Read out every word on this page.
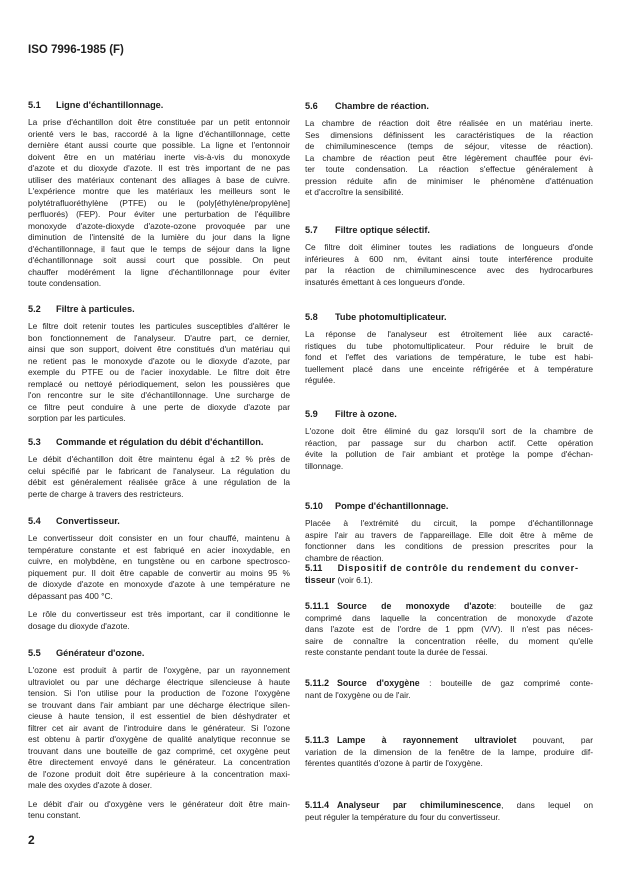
ISO 7996-1985 (F)
5.1 Ligne d'échantillonnage.
La prise d'échantillon doit être constituée par un petit entonnoir
orienté vers le bas, raccordé à la ligne d'échantillonnage, cette
dernière étant aussi courte que possible. La ligne et l'entonnoir
doivent être en un matériau inerte vis-à-vis du monoxyde
d'azote et du dioxyde d'azote. Il est très important de ne pas
utiliser des matériaux contenant des alliages à base de cuivre.
L'expérience montre que les matériaux les meilleurs sont le
polytétrafluoréthylène (PTFE) ou le (poly[éthylène/propylène]
perfluorés) (FEP). Pour éviter une perturbation de l'équilibre
monoxyde d'azote-dioxyde d'azote-ozone provoquée par une
diminution de l'intensité de la lumière du jour dans la ligne
d'échantillonnage, il faut que le temps de séjour dans la ligne
d'échantillonnage soit aussi court que possible. On peut
chauffer modérément la ligne d'échantillonnage pour éviter
toute condensation.
5.2 Filtre à particules.
Le filtre doit retenir toutes les particules susceptibles d'altérer le
bon fonctionnement de l'analyseur. D'autre part, ce dernier,
ainsi que son support, doivent être constitués d'un matériau qui
ne retient pas le monoxyde d'azote ou le dioxyde d'azote, par
exemple du PTFE ou de l'acier inoxydable. Le filtre doit être
remplacé ou nettoyé périodiquement, selon les poussières que
l'on rencontre sur le site d'échantillonnage. Une surcharge de
ce filtre peut conduire à une perte de dioxyde d'azote par
sorption par les particules.
5.3 Commande et régulation du débit d'échantillon.
Le débit d'échantillon doit être maintenu égal à ±2 % près de
celui spécifié par le fabricant de l'analyseur. La régulation du
débit est généralement réalisée grâce à une régulation de la
perte de charge à travers des restricteurs.
5.4 Convertisseur.
Le convertisseur doit consister en un four chauffé, maintenu à
température constante et est fabriqué en acier inoxydable, en
cuivre, en molybdène, en tungstène ou en carbone spectrosco-
piquement pur. Il doit être capable de convertir au moins 95 %
de dioxyde d'azote en monoxyde d'azote à une température ne
dépassant pas 400 °C.
Le rôle du convertisseur est très important, car il conditionne le
dosage du dioxyde d'azote.
5.5 Générateur d'ozone.
L'ozone est produit à partir de l'oxygène, par un rayonnement
ultraviolet ou par une décharge électrique silencieuse à haute
tension. Si l'on utilise pour la production de l'ozone l'oxygène
se trouvant dans l'air ambiant par une décharge électrique silen-
cieuse à haute tension, il est essentiel de bien déshydrater et
filtrer cet air avant de l'introduire dans le générateur. Si l'ozone
est obtenu à partir d'oxygène de qualité analytique reconnue se
trouvant dans une bouteille de gaz comprimé, cet oxygène peut
être directement envoyé dans le générateur. La concentration
de l'ozone produit doit être supérieure à la concentration maxi-
male des oxydes d'azote à doser.
Le débit d'air ou d'oxygène vers le générateur doit être main-
tenu constant.
5.6 Chambre de réaction.
La chambre de réaction doit être réalisée en un matériau inerte.
Ses dimensions définissent les caractéristiques de la réaction
de chimiluminescence (temps de séjour, vitesse de réaction).
La chambre de réaction peut être légèrement chauffée pour évi-
ter toute condensation. La réaction s'effectue généralement à
pression réduite afin de minimiser le phénomène d'atténuation
et d'accroître la sensibilité.
5.7 Filtre optique sélectif.
Ce filtre doit éliminer toutes les radiations de longueurs d'onde
inférieures à 600 nm, évitant ainsi toute interférence produite
par la réaction de chimiluminescence avec des hydrocarbures
insaturés émettant à ces longueurs d'onde.
5.8 Tube photomultiplicateur.
La réponse de l'analyseur est étroitement liée aux caracté-
ristiques du tube photomultiplicateur. Pour réduire le bruit de
fond et l'effet des variations de température, le tube est habi-
tuellement placé dans une enceinte réfrigérée et à température
régulée.
5.9 Filtre à ozone.
L'ozone doit être éliminé du gaz lorsqu'il sort de la chambre de
réaction, par passage sur du charbon actif. Cette opération
évite la pollution de l'air ambiant et protège la pompe d'échan-
tillonnage.
5.10 Pompe d'échantillonnage.
Placée à l'extrémité du circuit, la pompe d'échantillonnage
aspire l'air au travers de l'appareillage. Elle doit être à même de
fonctionner dans les conditions de pression prescrites pour la
chambre de réaction.
5.11.1 Source de monoxyde d'azote: bouteille de gaz
comprimé dans laquelle la concentration de monoxyde d'azote
dans l'azote est de l'ordre de 1 ppm (V/V). Il n'est pas néces-
saire de connaître la concentration réelle, du moment qu'elle
reste constante pendant toute la durée de l'essai.
5.11.2 Source d'oxygène : bouteille de gaz comprimé conte-
nant de l'oxygène ou de l'air.
5.11.3 Lampe à rayonnement ultraviolet pouvant, par
variation de la dimension de la fenêtre de la lampe, produire dif-
férentes quantités d'ozone à partir de l'oxygène.
5.11.4 Analyseur par chimiluminescence, dans lequel on
peut réguler la température du four du convertisseur.
5.11 Dispositif de contrôle du rendement du conver-
tisseur (voir 6.1).
2
